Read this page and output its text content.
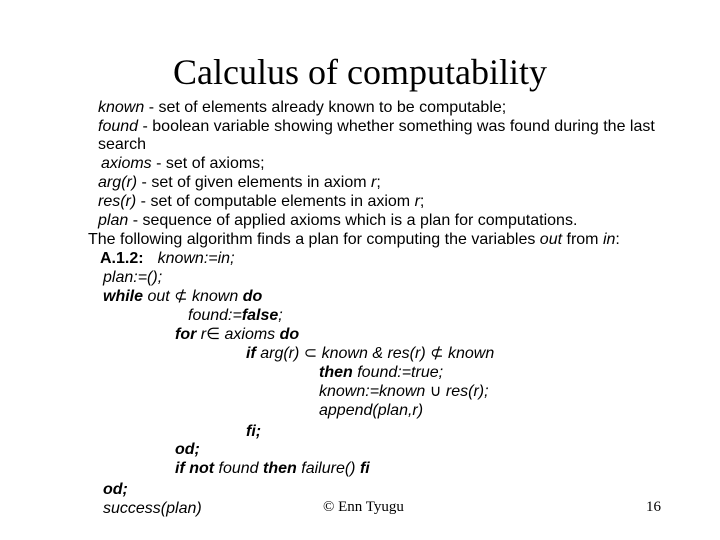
Calculus of computability
known - set of elements already known to be computable;
found - boolean variable showing whether something was found during the last
search
axioms - set of axioms;
arg(r) - set of given elements in axiom r;
res(r) - set of computable elements in axiom r;
plan - sequence of applied axioms which is a plan for computations.
The following algorithm finds a plan for computing the variables out from in:
A.1.2: known:=in;
plan:=();
while out ⊄ known do
found:=false;
for r∈ axioms do
if arg(r) ⊂ known & res(r) ⊄ known
then found:=true;
known:=known ∪ res(r);
append(plan,r)
fi;
od;
if not found then failure() fi
od;
success(plan)	© Enn Tyugu	16
